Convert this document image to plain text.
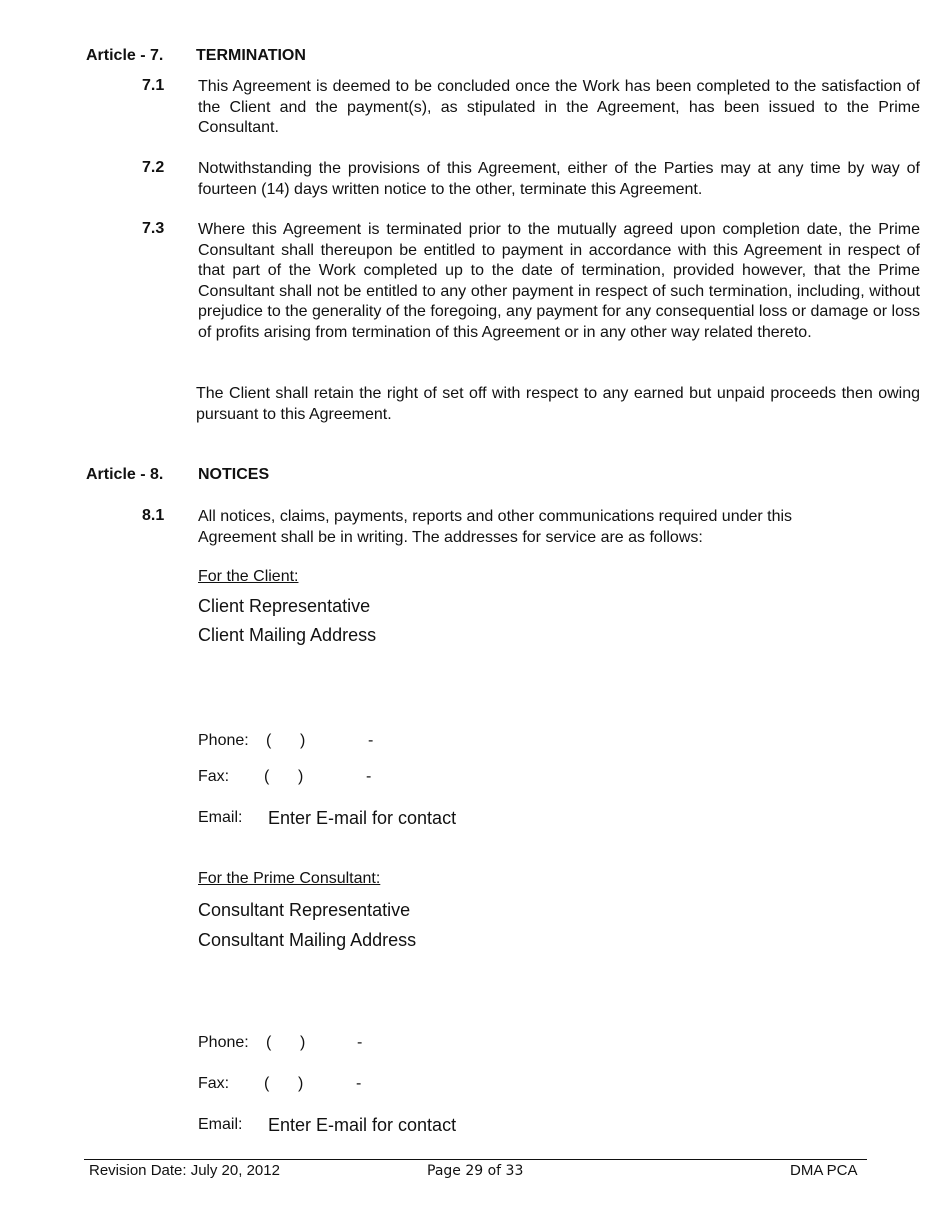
Article - 7. TERMINATION
7.1 This Agreement is deemed to be concluded once the Work has been completed to the satisfaction of the Client and the payment(s), as stipulated in the Agreement, has been issued to the Prime Consultant.
7.2 Notwithstanding the provisions of this Agreement, either of the Parties may at any time by way of fourteen (14) days written notice to the other, terminate this Agreement.
7.3 Where this Agreement is terminated prior to the mutually agreed upon completion date, the Prime Consultant shall thereupon be entitled to payment in accordance with this Agreement in respect of that part of the Work completed up to the date of termination, provided however, that the Prime Consultant shall not be entitled to any other payment in respect of such termination, including, without prejudice to the generality of the foregoing, any payment for any consequential loss or damage or loss of profits arising from termination of this Agreement or in any other way related thereto.
The Client shall retain the right of set off with respect to any earned but unpaid proceeds then owing pursuant to this Agreement.
Article - 8. NOTICES
8.1 All notices, claims, payments, reports and other communications required under this Agreement shall be in writing. The addresses for service are as follows:
For the Client:
Client Representative
Client Mailing Address
Phone: ( )	-
Fax: ( )	-
Email: Enter E-mail for contact
For the Prime Consultant:
Consultant Representative
Consultant Mailing Address
Phone: ( )	-
Fax: ( )	-
Email: Enter E-mail for contact
Revision Date: July 20, 2012	Page 29 of 33	DMA PCA
